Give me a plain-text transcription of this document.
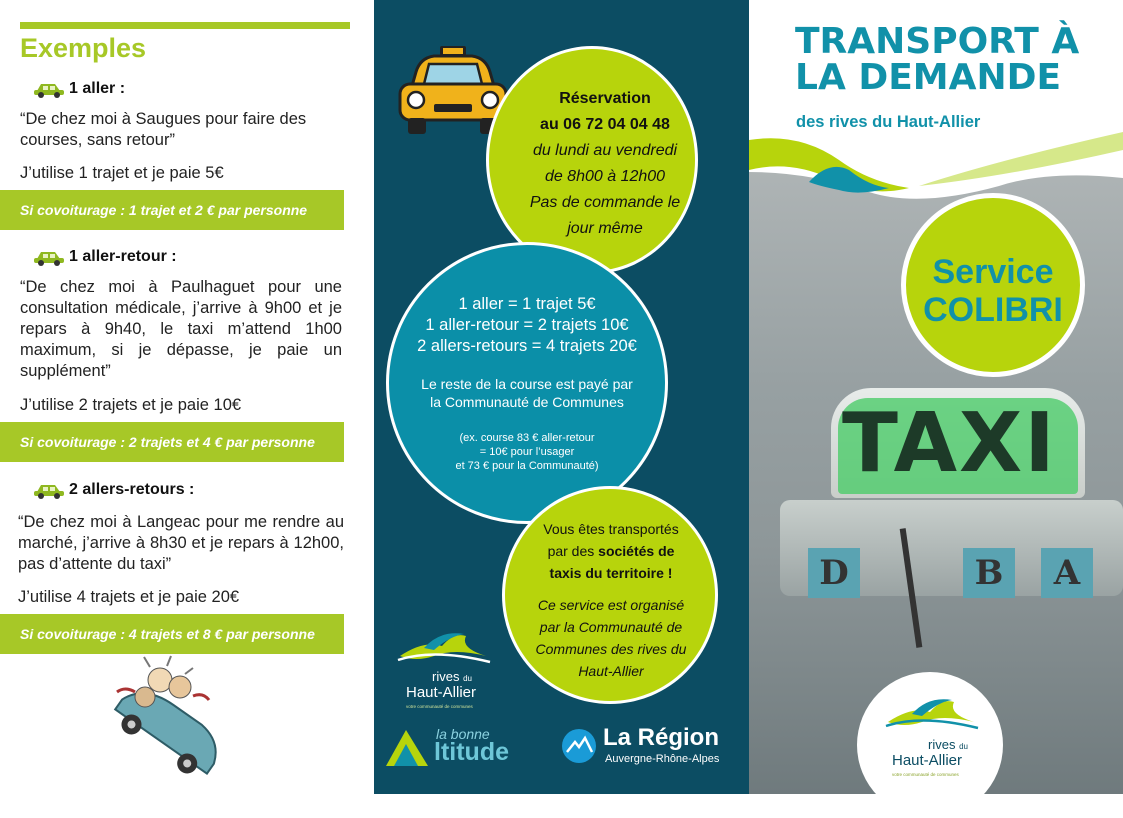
Exemples
1 aller :
“De chez moi à Saugues pour faire des courses, sans retour”
J’utilise 1 trajet et je paie 5€
Si covoiturage : 1 trajet et 2 € par personne
1 aller-retour :
“De chez moi à Paulhaguet pour une consultation médicale, j’arrive à 9h00 et je repars à 9h40, le taxi m’attend 1h00 maximum, si je dépasse, je paie un supplément”
J’utilise 2 trajets et je paie 10€
Si covoiturage : 2 trajets et 4 € par personne
2 allers-retours :
“De chez moi à Langeac pour me rendre au marché, j’arrive à 8h30 et je repars à 12h00, pas d’attente du taxi”
J’utilise 4 trajets et je paie 20€
Si covoiturage : 4 trajets et 8 € par personne
Réservation
au 06 72 04 04 48
du lundi au vendredi
de 8h00 à 12h00
Pas de commande le
jour même
1 aller = 1 trajet 5€
1 aller-retour = 2 trajets 10€
2 allers-retours = 4 trajets 20€
Le reste de la course est payé par
la Communauté de Communes
(ex. course 83 € aller-retour
= 10€ pour l’usager
et 73 € pour la Communauté)
Vous êtes transportés
par des sociétés de
taxis du territoire !
Ce service est organisé
par la Communauté de
Communes des rives du
Haut-Allier
rives du
Haut-Allier
votre communauté de communes
la bonne
ltitude
La Région
Auvergne-Rhône-Alpes
TAXI
D	B	A
TRANSPORT À
LA DEMANDE
des rives du Haut-Allier
Service
COLIBRI
rives du
Haut-Allier
votre communauté de communes
